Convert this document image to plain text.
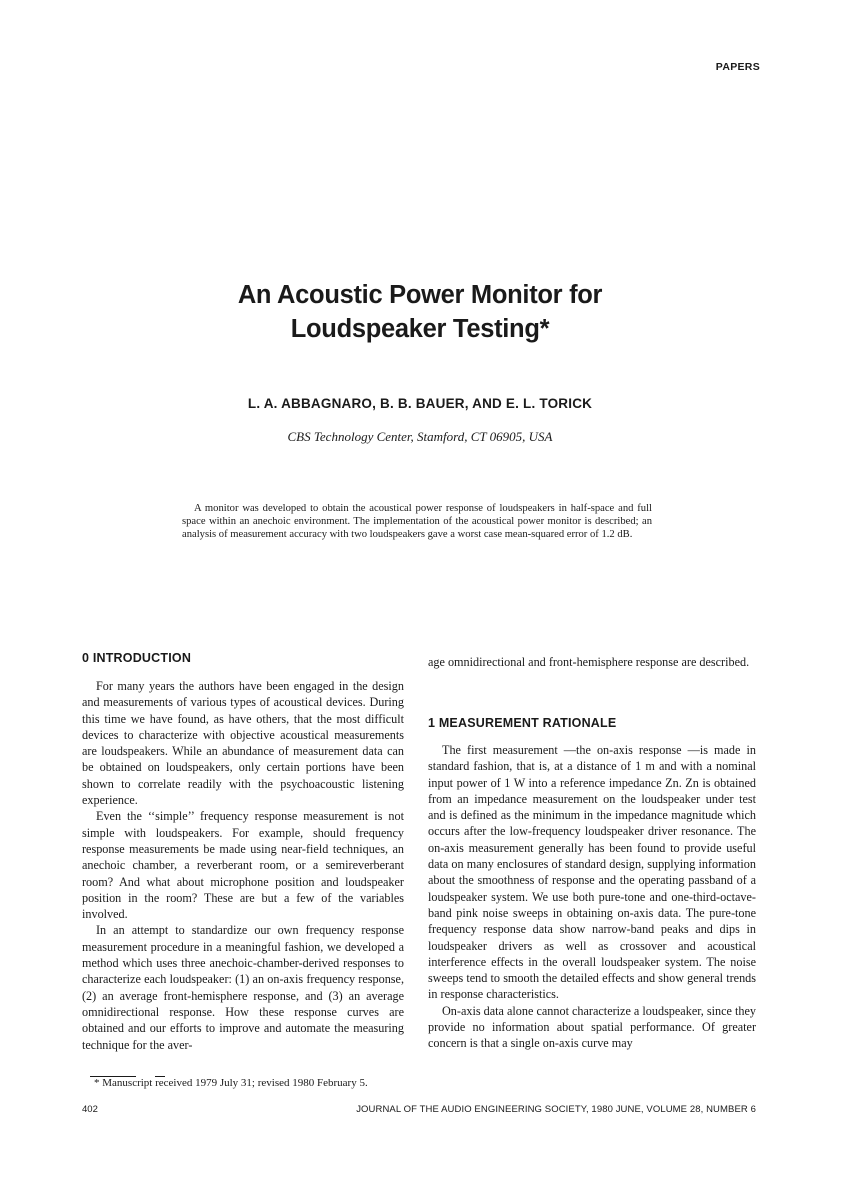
PAPERS
An Acoustic Power Monitor for
Loudspeaker Testing*
L. A. ABBAGNARO, B. B. BAUER, AND E. L. TORICK
CBS Technology Center, Stamford, CT 06905, USA
A monitor was developed to obtain the acoustical power response of loudspeakers in half-space and full space within an anechoic environment. The implementation of the acoustical power monitor is described; an analysis of measurement accuracy with two loudspeakers gave a worst case mean-squared error of 1.2 dB.
0 INTRODUCTION

For many years the authors have been engaged in the design and measurements of various types of acoustical devices. During this time we have found, as have others, that the most difficult devices to characterize with objective acoustical measurements are loudspeakers. While an abundance of measurement data can be obtained on loudspeakers, only certain portions have been shown to correlate readily with the psychoacoustic listening experience.

Even the ‘‘simple’’ frequency response measurement is not simple with loudspeakers. For example, should frequency response measurements be made using near-field techniques, an anechoic chamber, a reverberant room, or a semireverberant room? And what about microphone position and loudspeaker position in the room? These are but a few of the variables involved.

In an attempt to standardize our own frequency response measurement procedure in a meaningful fashion, we developed a method which uses three anechoic-chamber-derived responses to characterize each loudspeaker: (1) an on-axis frequency response, (2) an average front-hemisphere response, and (3) an average omnidirectional response. How these response curves are obtained and our efforts to improve and automate the measuring technique for the aver-

age omnidirectional and front-hemisphere response are described.

1 MEASUREMENT RATIONALE

The first measurement —the on-axis response —is made in standard fashion, that is, at a distance of 1 m and with a nominal input power of 1 W into a reference impedance Zn. Zn is obtained from an impedance measurement on the loudspeaker under test and is defined as the minimum in the impedance magnitude which occurs after the low-frequency loudspeaker driver resonance. The on-axis measurement generally has been found to provide useful data on many enclosures of standard design, supplying information about the smoothness of response and the operating passband of a loudspeaker system. We use both pure-tone and one-third-octave-band pink noise sweeps in obtaining on-axis data. The pure-tone frequency response data show narrow-band peaks and dips in loudspeaker drivers as well as crossover and acoustical interference effects in the overall loudspeaker system. The noise sweeps tend to smooth the detailed effects and show general trends in response characteristics.

On-axis data alone cannot characterize a loudspeaker, since they provide no information about spatial performance. Of greater concern is that a single on-axis curve may

* Manuscript received 1979 July 31; revised 1980 February 5.
402	JOURNAL OF THE AUDIO ENGINEERING SOCIETY, 1980 JUNE, VOLUME 28, NUMBER 6
